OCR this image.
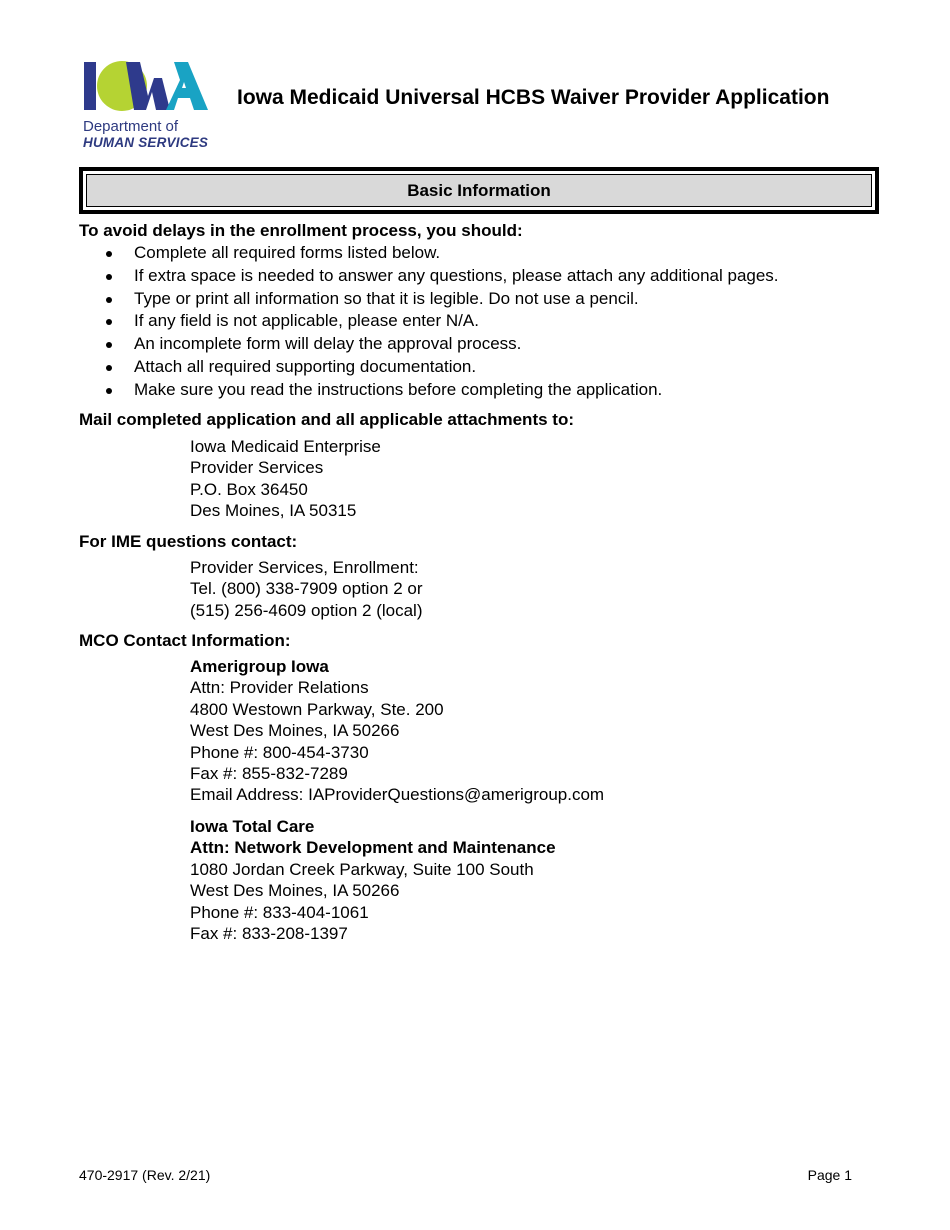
Department of
HUMAN SERVICES
Iowa Medicaid Universal HCBS Waiver Provider Application
Basic Information
To avoid delays in the enrollment process, you should:
Complete all required forms listed below.
If extra space is needed to answer any questions, please attach any additional pages.
Type or print all information so that it is legible. Do not use a pencil.
If any field is not applicable, please enter N/A.
An incomplete form will delay the approval process.
Attach all required supporting documentation.
Make sure you read the instructions before completing the application.
Mail completed application and all applicable attachments to:
Iowa Medicaid Enterprise
Provider Services
P.O. Box 36450
Des Moines, IA 50315
For IME questions contact:
Provider Services, Enrollment:
Tel. (800) 338-7909 option 2 or
(515) 256-4609 option 2 (local)
MCO Contact Information:
Amerigroup Iowa
Attn: Provider Relations
4800 Westown Parkway, Ste. 200
West Des Moines, IA 50266
Phone #: 800-454-3730
Fax #: 855-832-7289
Email Address: IAProviderQuestions@amerigroup.com
Iowa Total Care
Attn: Network Development and Maintenance
1080 Jordan Creek Parkway, Suite 100 South
West Des Moines, IA 50266
Phone #: 833-404-1061
Fax #: 833-208-1397
470-2917 (Rev. 2/21)	Page 1
